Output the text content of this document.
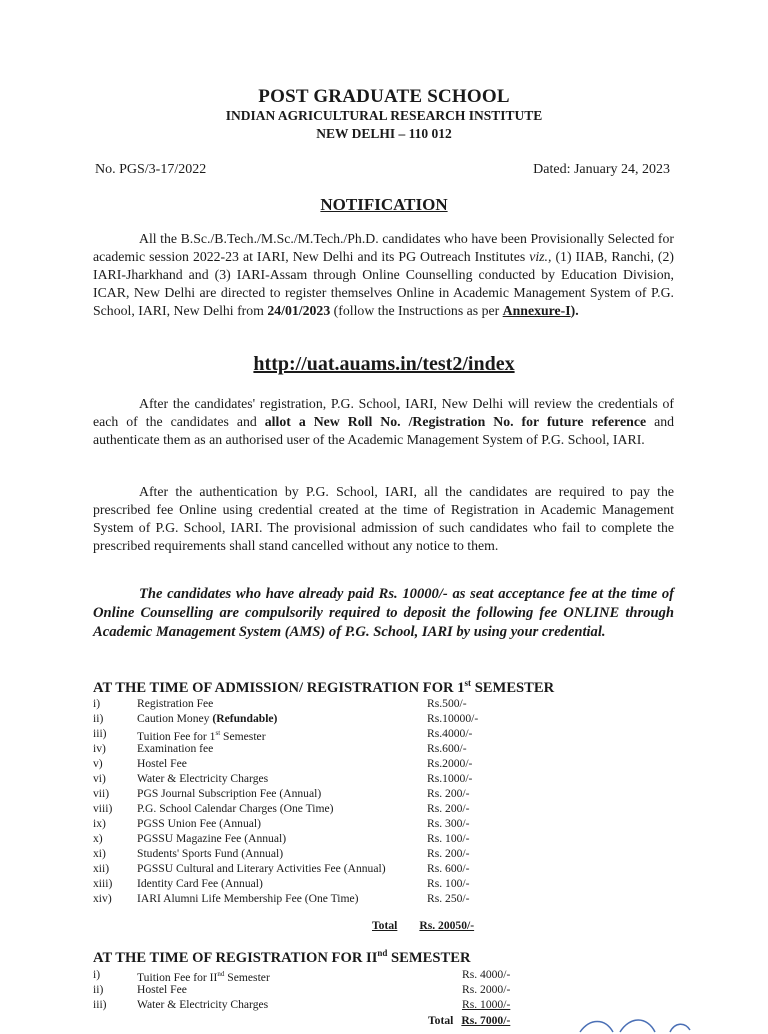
POST GRADUATE SCHOOL
INDIAN AGRICULTURAL RESEARCH INSTITUTE
NEW DELHI – 110 012
No. PGS/3-17/2022	Dated: January 24, 2023
NOTIFICATION
All the B.Sc./B.Tech./M.Sc./M.Tech./Ph.D. candidates who have been Provisionally Selected for academic session 2022-23 at IARI, New Delhi and its PG Outreach Institutes viz., (1) IIAB, Ranchi, (2) IARI-Jharkhand and (3) IARI-Assam through Online Counselling conducted by Education Division, ICAR, New Delhi are directed to register themselves Online in Academic Management System of P.G. School, IARI, New Delhi from 24/01/2023 (follow the Instructions as per Annexure-I).
http://uat.auams.in/test2/index
After the candidates' registration, P.G. School, IARI, New Delhi will review the credentials of each of the candidates and allot a New Roll No. /Registration No. for future reference and authenticate them as an authorised user of the Academic Management System of P.G. School, IARI.
After the authentication by P.G. School, IARI, all the candidates are required to pay the prescribed fee Online using credential created at the time of Registration in Academic Management System of P.G. School, IARI. The provisional admission of such candidates who fail to complete the prescribed requirements shall stand cancelled without any notice to them.
The candidates who have already paid Rs. 10000/- as seat acceptance fee at the time of Online Counselling are compulsorily required to deposit the following fee ONLINE through Academic Management System (AMS) of P.G. School, IARI by using your credential.
AT THE TIME OF ADMISSION/ REGISTRATION FOR 1st SEMESTER
i)	Registration Fee	Rs.500/-
ii)	Caution Money (Refundable)	Rs.10000/-
iii)	Tuition Fee for 1st Semester	Rs.4000/-
iv)	Examination fee	Rs.600/-
v)	Hostel Fee	Rs.2000/-
vi)	Water & Electricity Charges	Rs.1000/-
vii) PGS Journal Subscription Fee (Annual)	Rs. 200/-
viii) P.G. School Calendar Charges (One Time)	Rs. 200/-
ix)	PGSS Union Fee (Annual)	Rs. 300/-
x)	PGSSU Magazine Fee (Annual)	Rs. 100/-
xi)	Students' Sports Fund (Annual)	Rs. 200/-
xii) PGSSU Cultural and Literary Activities Fee (Annual)	Rs. 600/-
xiii) Identity Card Fee (Annual)	Rs. 100/-
xiv) IARI Alumni Life Membership Fee (One Time)	Rs. 250/-
Total Rs. 20050/-
AT THE TIME OF REGISTRATION FOR IInd SEMESTER
i)	Tuition Fee for IInd Semester	Rs. 4000/-
ii)	Hostel Fee	Rs. 2000/-
iii)	Water & Electricity Charges	Rs. 1000/-
Total Rs. 7000/-
